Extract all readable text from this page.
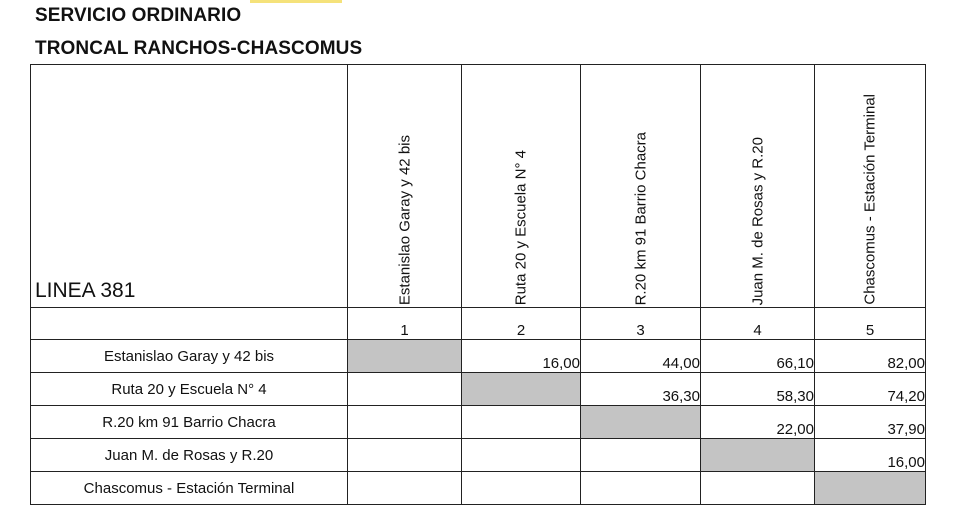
SERVICIO ORDINARIO
TRONCAL RANCHOS-CHASCOMUS
LINEA 381	Estanislao Garay y 42 bis	Ruta 20 y Escuela N° 4	R.20 km 91 Barrio Chacra	Juan M. de Rosas y R.20	Chascomus - Estación Terminal

	1	2	3	4	5
Estanislao Garay y 42 bis		16,00	44,00	66,10	82,00
Ruta 20 y Escuela N° 4			36,30	58,30	74,20
R.20 km 91 Barrio Chacra				22,00	37,90
Juan M. de Rosas y R.20					16,00
Chascomus - Estación Terminal					
